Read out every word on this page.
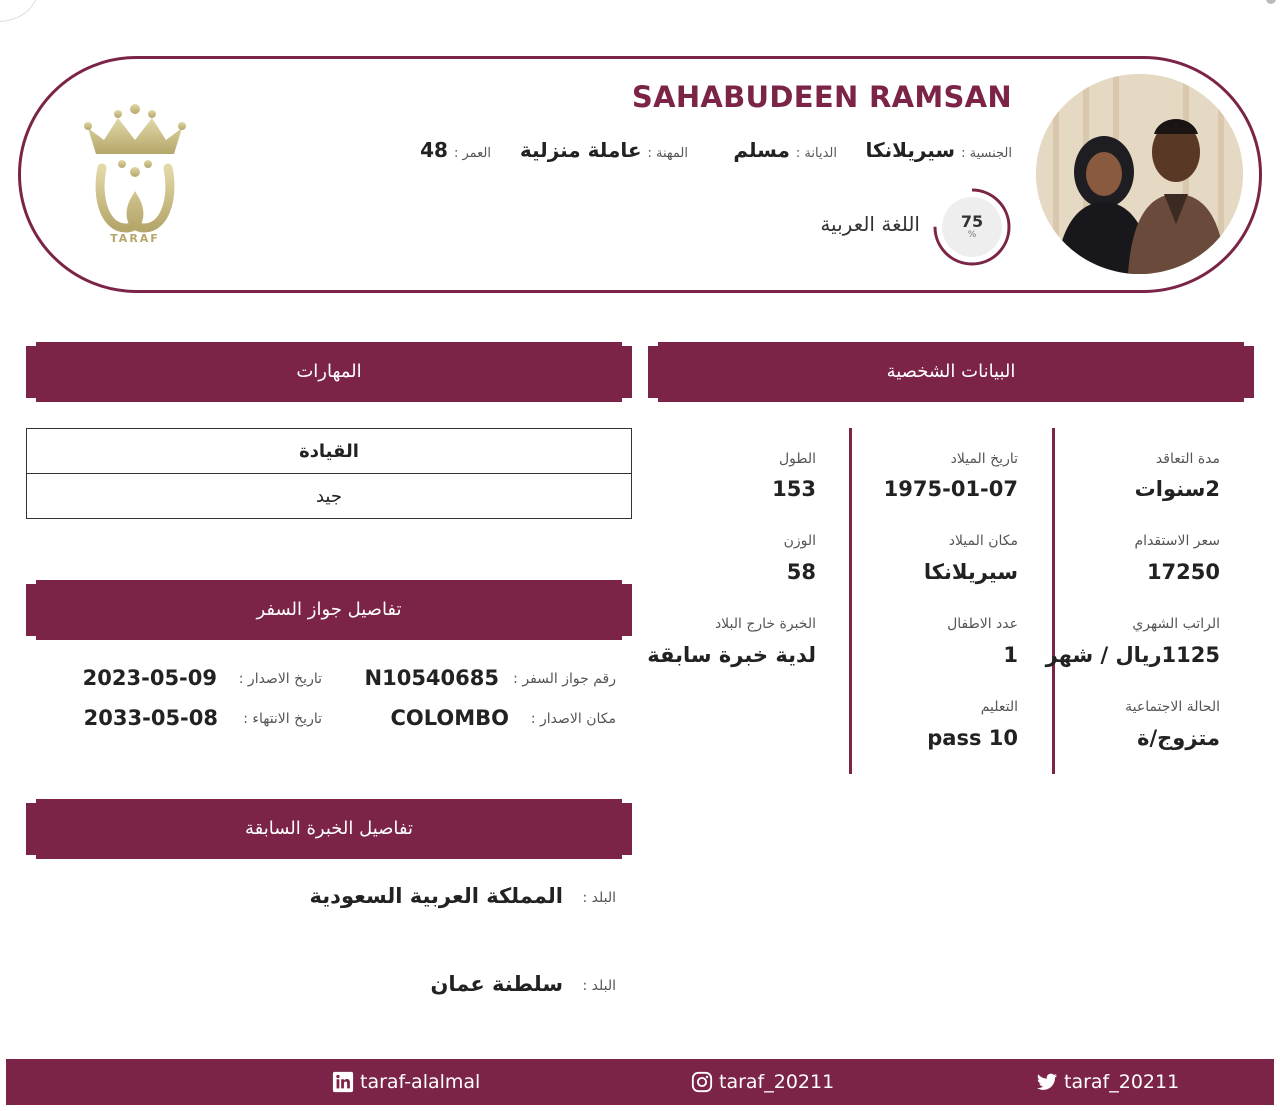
TARAF
SAHABUDEEN RAMSAN
الجنسية :
سيريلانكا
الديانة :
مسلم
المهنة :
عاملة منزلية
العمر :
48
75
%
اللغة العربية
المهارات	البيانات الشخصية
مدة التعاقد
2سنوات
سعر الاستقدام
17250
الراتب الشهري
1125ريال / شهر
الحالة الاجتماعية
متزوج/ة
تاريخ الميلاد
1975-01-07
مكان الميلاد
سيريلانكا
عدد الاطفال
1
التعليم
pass 10
الطول
153
الوزن
58
الخبرة خارج البلاد
لدية خبرة سابقة
القيادة
جيد
تفاصيل جواز السفر
رقم جواز السفر :
N10540685
تاريخ الاصدار :
2023-05-09
مكان الاصدار :
COLOMBO
تاريخ الانتهاء :
2033-05-08
تفاصيل الخبرة السابقة
البلد :
المملكة العربية السعودية
البلد :
سلطنة عمان
taraf-alalmal	taraf_20211	taraf_20211
